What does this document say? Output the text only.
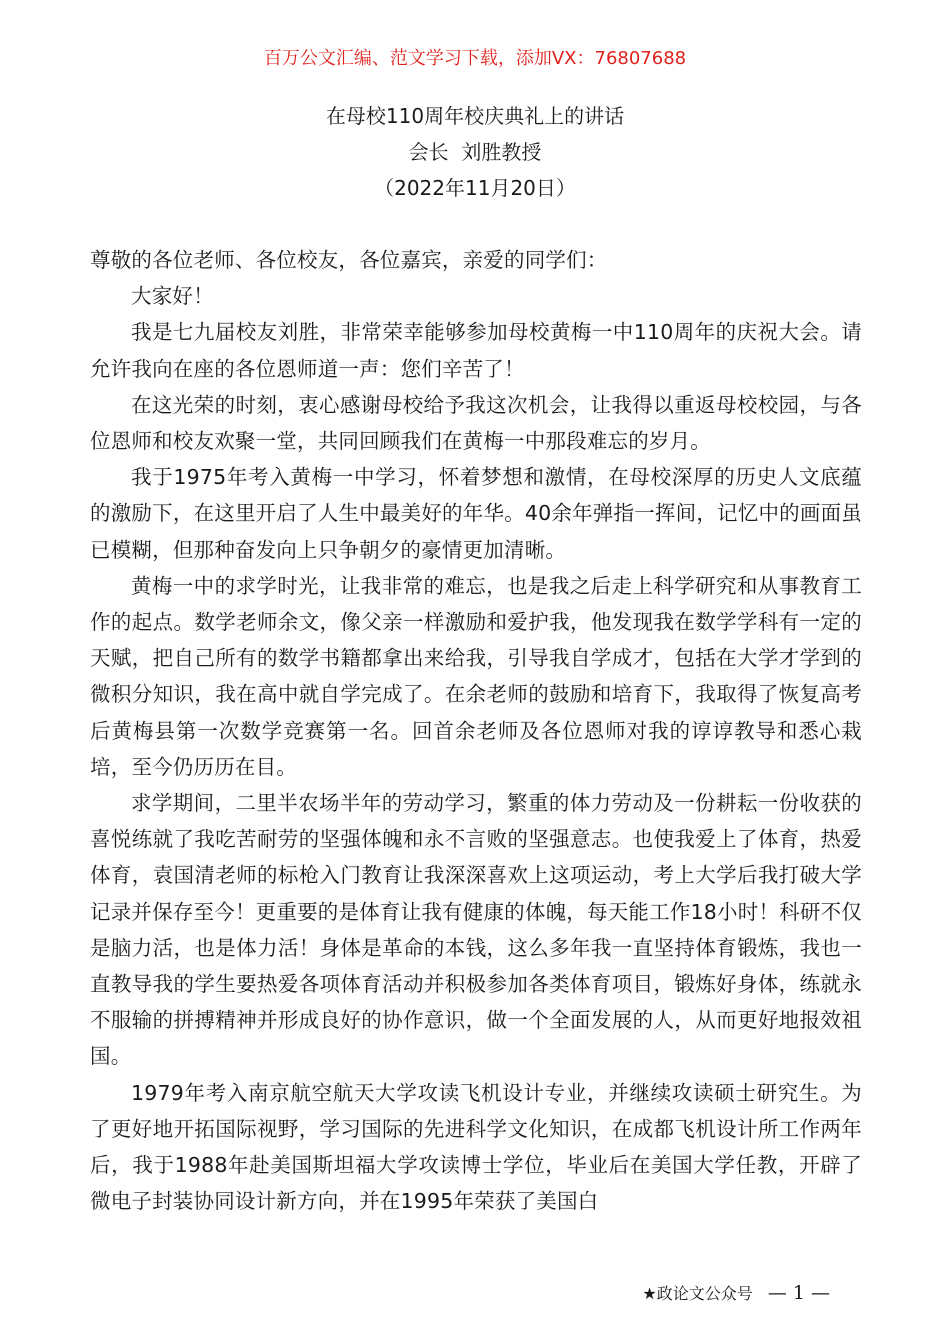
百万公文汇编、范文学习下载，添加VX：76807688
在母校110周年校庆典礼上的讲话
会长  刘胜教授
（2022年11月20日）

尊敬的各位老师、各位校友，各位嘉宾，亲爱的同学们：

大家好！

我是七九届校友刘胜，非常荣幸能够参加母校黄梅一中110周年的庆祝大会。请允许我向在座的各位恩师道一声：您们辛苦了！

在这光荣的时刻，衷心感谢母校给予我这次机会，让我得以重返母校校园，与各位恩师和校友欢聚一堂，共同回顾我们在黄梅一中那段难忘的岁月。

我于1975年考入黄梅一中学习，怀着梦想和激情，在母校深厚的历史人文底蕴的激励下，在这里开启了人生中最美好的年华。40余年弹指一挥间，记忆中的画面虽已模糊，但那种奋发向上只争朝夕的豪情更加清晰。

黄梅一中的求学时光，让我非常的难忘，也是我之后走上科学研究和从事教育工作的起点。数学老师余文，像父亲一样激励和爱护我，他发现我在数学学科有一定的天赋，把自己所有的数学书籍都拿出来给我，引导我自学成才，包括在大学才学到的微积分知识，我在高中就自学完成了。在余老师的鼓励和培育下，我取得了恢复高考后黄梅县第一次数学竞赛第一名。回首余老师及各位恩师对我的谆谆教导和悉心栽培，至今仍历历在目。

求学期间，二里半农场半年的劳动学习，繁重的体力劳动及一份耕耘一份收获的喜悦练就了我吃苦耐劳的坚强体魄和永不言败的坚强意志。也使我爱上了体育，热爱体育，袁国清老师的标枪入门教育让我深深喜欢上这项运动，考上大学后我打破大学记录并保存至今！更重要的是体育让我有健康的体魄，每天能工作18小时！科研不仅是脑力活，也是体力活！身体是革命的本钱，这么多年我一直坚持体育锻炼，我也一直教导我的学生要热爱各项体育活动并积极参加各类体育项目，锻炼好身体，练就永不服输的拼搏精神并形成良好的协作意识，做一个全面发展的人，从而更好地报效祖国。

1979年考入南京航空航天大学攻读飞机设计专业，并继续攻读硕士研究生。为了更好地开拓国际视野，学习国际的先进科学文化知识，在成都飞机设计所工作两年后，我于1988年赴美国斯坦福大学攻读博士学位，毕业后在美国大学任教，开辟了微电子封装协同设计新方向，并在1995年荣获了美国白

★政论文公众号 — 1 —
